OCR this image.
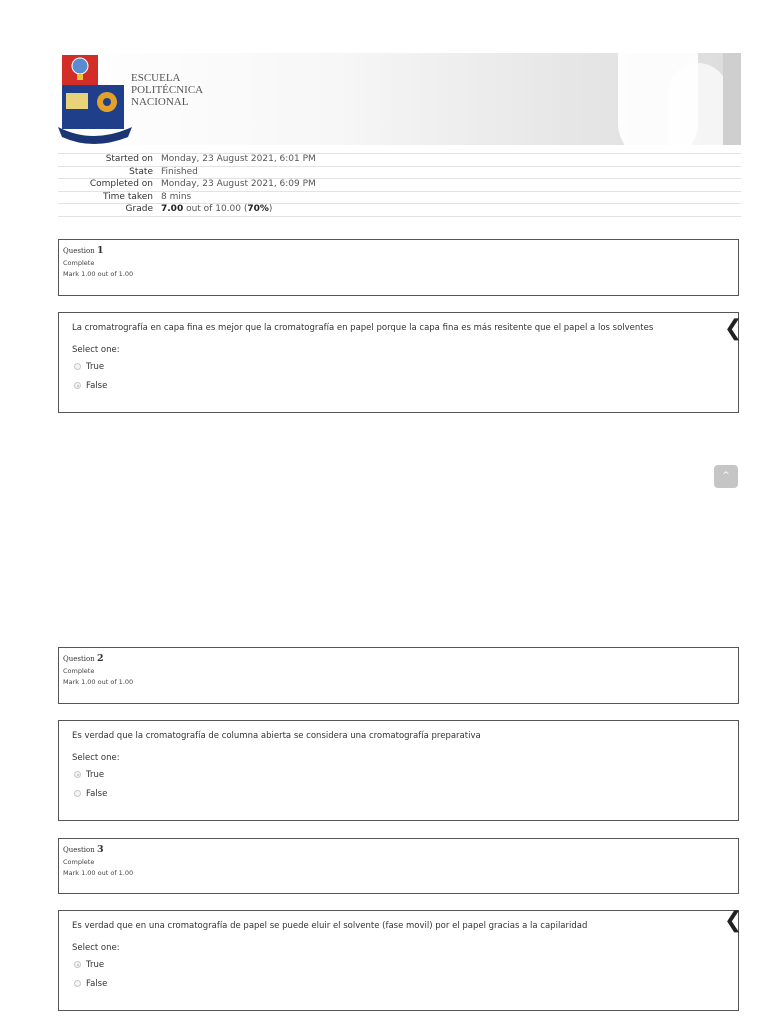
ESCUELA
POLITÉCNICA
NACIONAL
Started on Monday, 23 August 2021, 6:01 PM
State Finished
Completed on Monday, 23 August 2021, 6:09 PM
Time taken 8 mins
Grade 7.00 out of 10.00 (70%)
Question 1
Complete
Mark 1.00 out of 1.00
La cromatrografía en capa fina es mejor que la cromatografía en papel porque la capa fina es más resitente que el papel a los solventes
Select one:
True
False
❮
^
Question 2
Complete
Mark 1.00 out of 1.00
Es verdad que la cromatografía de columna abierta se considera una cromatografía preparativa
Select one:
True
False
Question 3
Complete
Mark 1.00 out of 1.00
Es verdad que en una cromatografía de papel se puede eluir el solvente (fase movil) por el papel gracias a la capilaridad
Select one:
True
False
❮
